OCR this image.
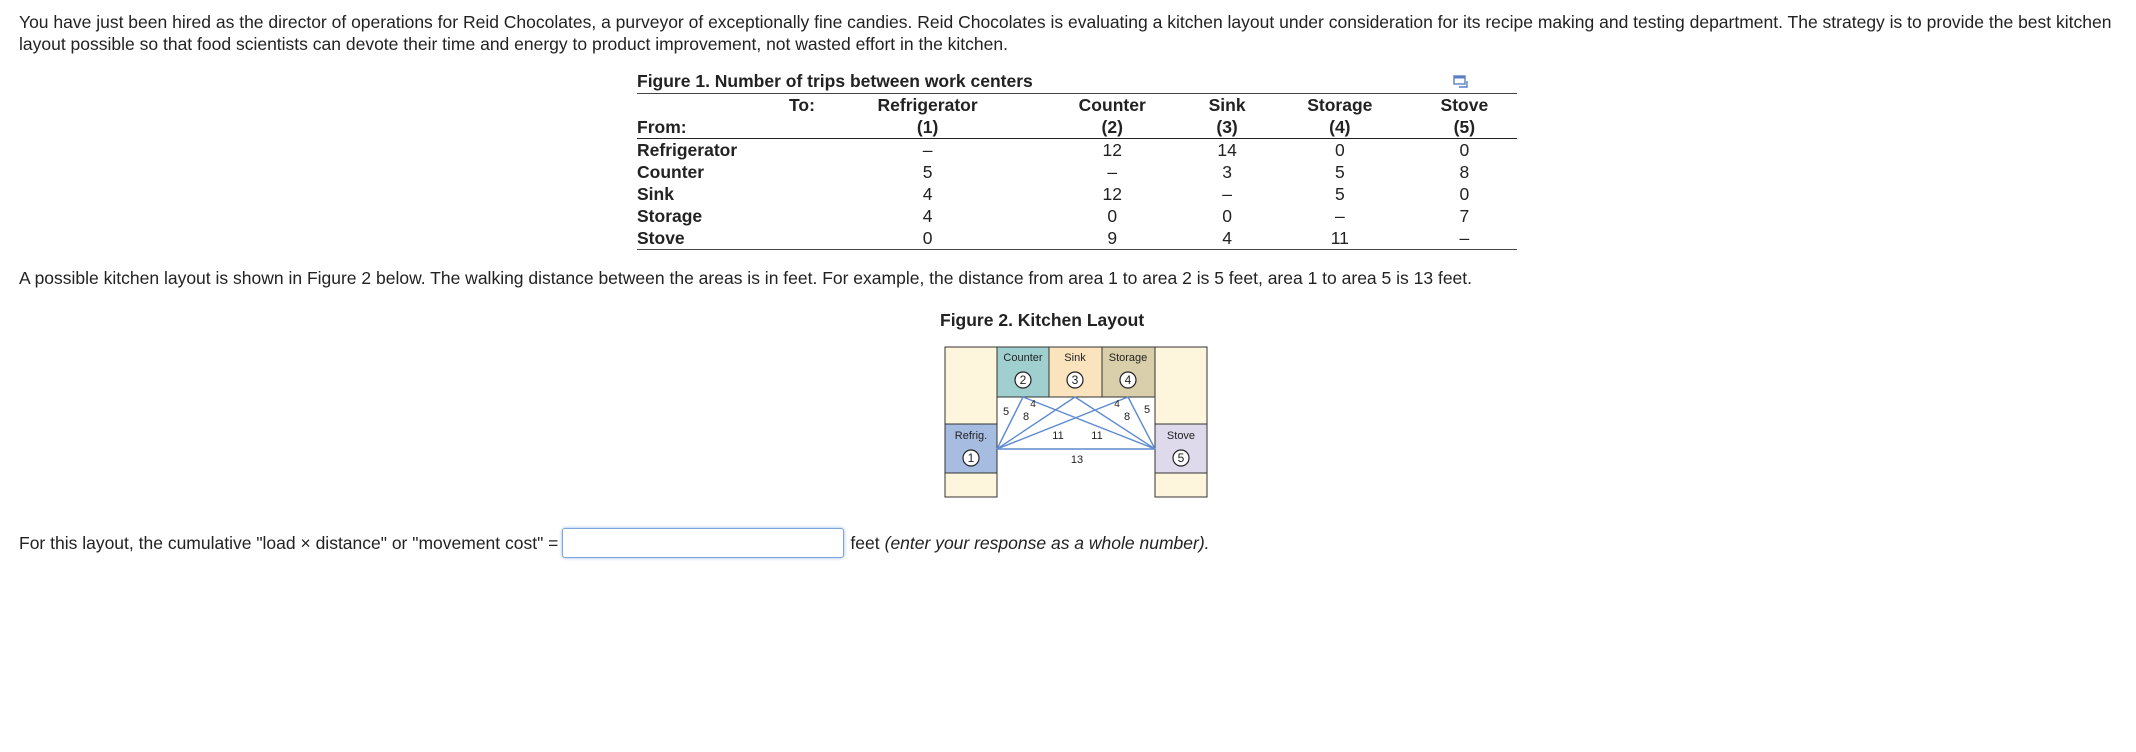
You have just been hired as the director of operations for Reid Chocolates, a purveyor of exceptionally fine candies. Reid Chocolates is evaluating a kitchen layout under consideration for its recipe making and testing department. The strategy is to provide the best kitchen layout possible so that food scientists can devote their time and energy to product improvement, not wasted effort in the kitchen.
Figure 1. Number of trips between work centers
	To:	Refrigerator	Counter	Sink	Storage	Stove
From:		(1)	(2)	(3)	(4)	(5)
Refrigerator		–	12	14	0	0
Counter		5	–	3	5	8
Sink		4	12	–	5	0
Storage		4	0	0	–	7
Stove		0	9	4	11	–
A possible kitchen layout is shown in Figure 2 below. The walking distance between the areas is in feet. For example, the distance from area 1 to area 2 is 5 feet, area 1 to area 5 is 13 feet.
Figure 2. Kitchen Layout
Counter Sink Storage
Refrig.	Stove
2	3	4
1	5
5
4
8
11	11
4
8
5
13
For this layout, the cumulative "load × distance" or "movement cost" =	feet (enter your response as a whole number).
